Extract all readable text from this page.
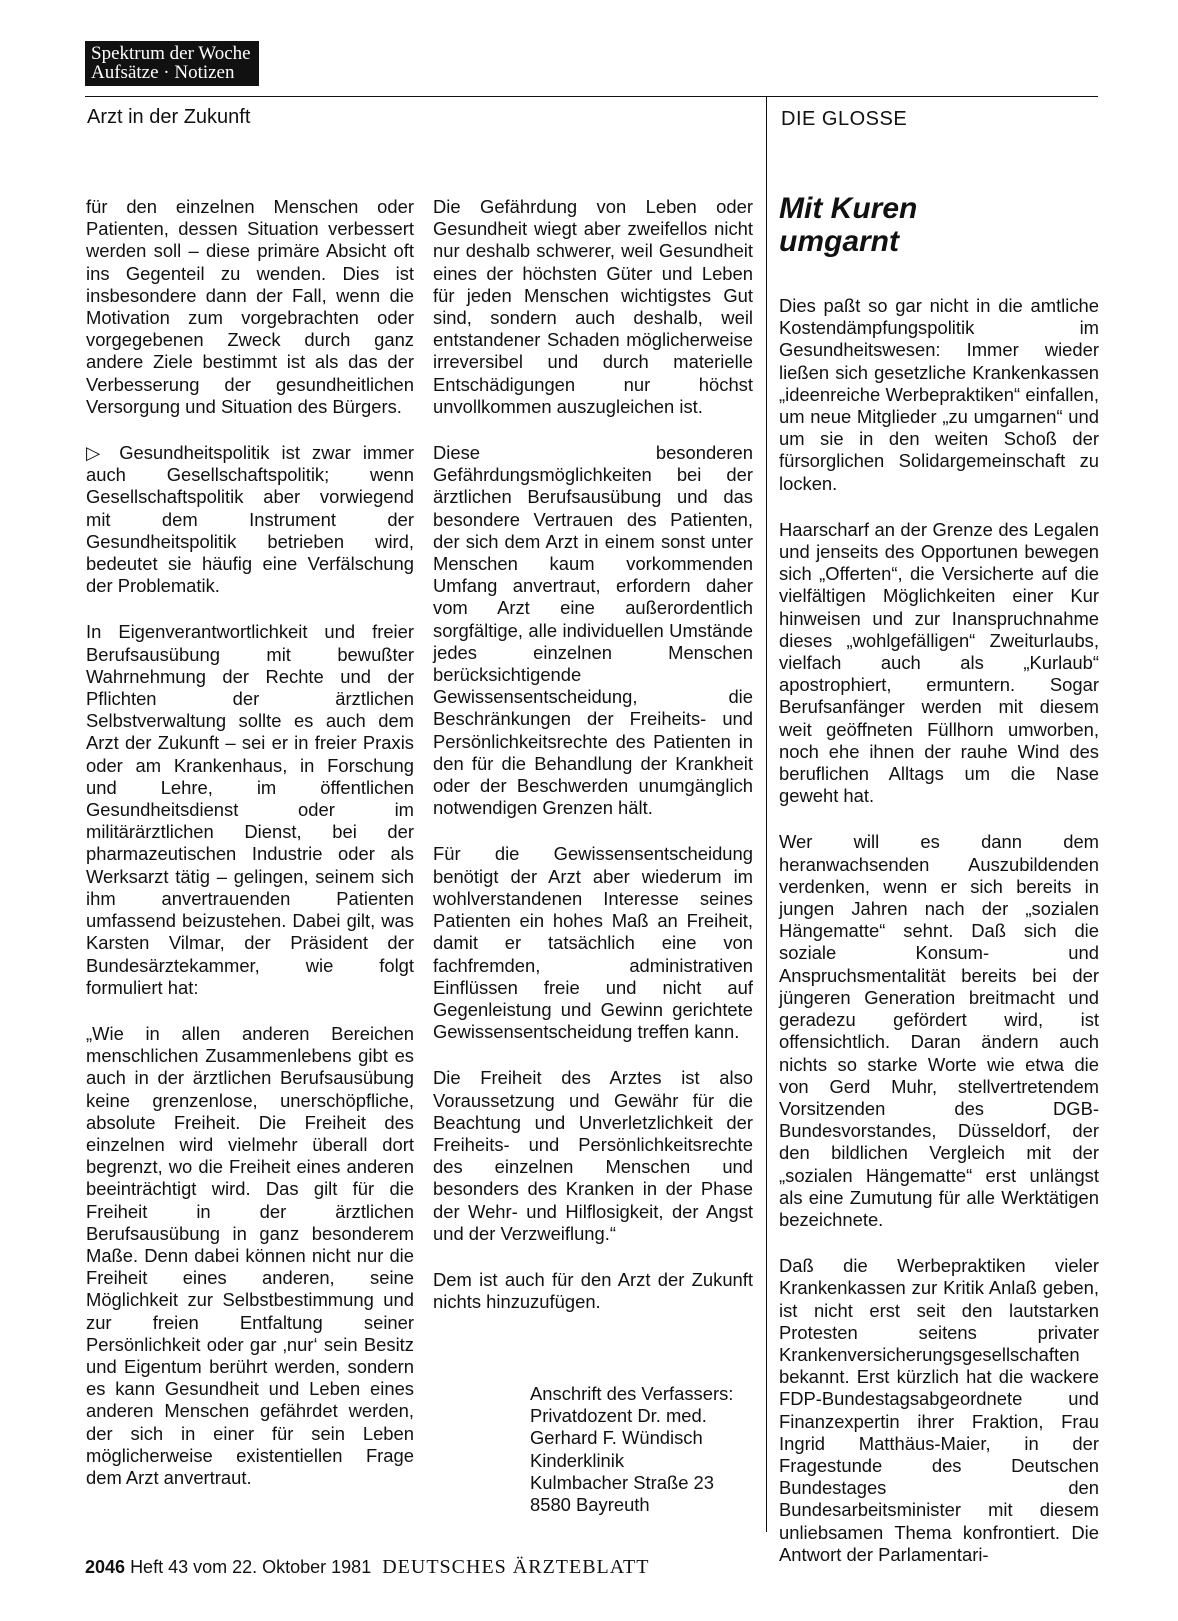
Spektrum der Woche
Aufsätze · Notizen
Arzt in der Zukunft	DIE GLOSSE

für den einzelnen Menschen oder Patienten, dessen Situation verbessert werden soll – diese primäre Absicht oft ins Gegenteil zu wenden. Dies ist insbesondere dann der Fall, wenn die Motivation zum vorgebrachten oder vorgegebenen Zweck durch ganz andere Ziele bestimmt ist als das der Verbesserung der gesundheitlichen Versorgung und Situation des Bürgers.

▷ Gesundheitspolitik ist zwar immer auch Gesellschaftspolitik; wenn Gesellschaftspolitik aber vorwiegend mit dem Instrument der Gesundheitspolitik betrieben wird, bedeutet sie häufig eine Verfälschung der Problematik.

In Eigenverantwortlichkeit und freier Berufsausübung mit bewußter Wahrnehmung der Rechte und der Pflichten der ärztlichen Selbstverwaltung sollte es auch dem Arzt der Zukunft – sei er in freier Praxis oder am Krankenhaus, in Forschung und Lehre, im öffentlichen Gesundheitsdienst oder im militärärztlichen Dienst, bei der pharmazeutischen Industrie oder als Werksarzt tätig – gelingen, seinem sich ihm anvertrauenden Patienten umfassend beizustehen. Dabei gilt, was Karsten Vilmar, der Präsident der Bundesärztekammer, wie folgt formuliert hat:

„Wie in allen anderen Bereichen menschlichen Zusammenlebens gibt es auch in der ärztlichen Berufsausübung keine grenzenlose, unerschöpfliche, absolute Freiheit. Die Freiheit des einzelnen wird vielmehr überall dort begrenzt, wo die Freiheit eines anderen beeinträchtigt wird. Das gilt für die Freiheit in der ärztlichen Berufsausübung in ganz besonderem Maße. Denn dabei können nicht nur die Freiheit eines anderen, seine Möglichkeit zur Selbstbestimmung und zur freien Entfaltung seiner Persönlichkeit oder gar ‚nur‘ sein Besitz und Eigentum berührt werden, sondern es kann Gesundheit und Leben eines anderen Menschen gefährdet werden, der sich in einer für sein Leben möglicherweise existentiellen Frage dem Arzt anvertraut.

Die Gefährdung von Leben oder Gesundheit wiegt aber zweifellos nicht nur deshalb schwerer, weil Gesundheit eines der höchsten Güter und Leben für jeden Menschen wichtigstes Gut sind, sondern auch deshalb, weil entstandener Schaden möglicherweise irreversibel und durch materielle Entschädigungen nur höchst unvollkommen auszugleichen ist.

Diese besonderen Gefährdungsmöglichkeiten bei der ärztlichen Berufsausübung und das besondere Vertrauen des Patienten, der sich dem Arzt in einem sonst unter Menschen kaum vorkommenden Umfang anvertraut, erfordern daher vom Arzt eine außerordentlich sorgfältige, alle individuellen Umstände jedes einzelnen Menschen berücksichtigende Gewissensentscheidung, die Beschränkungen der Freiheits- und Persönlichkeitsrechte des Patienten in den für die Behandlung der Krankheit oder der Beschwerden unumgänglich notwendigen Grenzen hält.

Für die Gewissensentscheidung benötigt der Arzt aber wiederum im wohlverstandenen Interesse seines Patienten ein hohes Maß an Freiheit, damit er tatsächlich eine von fachfremden, administrativen Einflüssen freie und nicht auf Gegenleistung und Gewinn gerichtete Gewissensentscheidung treffen kann.

Die Freiheit des Arztes ist also Voraussetzung und Gewähr für die Beachtung und Unverletzlichkeit der Freiheits- und Persönlichkeitsrechte des einzelnen Menschen und besonders des Kranken in der Phase der Wehr- und Hilflosigkeit, der Angst und der Verzweiflung.“

Dem ist auch für den Arzt der Zukunft nichts hinzuzufügen.

Anschrift des Verfassers:
Privatdozent Dr. med.
Gerhard F. Wündisch
Kinderklinik
Kulmbacher Straße 23
8580 Bayreuth
Mit Kuren
umgarnt

Dies paßt so gar nicht in die amtliche Kostendämpfungspolitik im Gesundheitswesen: Immer wieder ließen sich gesetzliche Krankenkassen „ideenreiche Werbepraktiken“ einfallen, um neue Mitglieder „zu umgarnen“ und um sie in den weiten Schoß der fürsorglichen Solidargemeinschaft zu locken.

Haarscharf an der Grenze des Legalen und jenseits des Opportunen bewegen sich „Offerten“, die Versicherte auf die vielfältigen Möglichkeiten einer Kur hinweisen und zur Inanspruchnahme dieses „wohlgefälligen“ Zweiturlaubs, vielfach auch als „Kurlaub“ apostrophiert, ermuntern. Sogar Berufsanfänger werden mit diesem weit geöffneten Füllhorn umworben, noch ehe ihnen der rauhe Wind des beruflichen Alltags um die Nase geweht hat.

Wer will es dann dem heranwachsenden Auszubildenden verdenken, wenn er sich bereits in jungen Jahren nach der „sozialen Hängematte“ sehnt. Daß sich die soziale Konsum- und Anspruchsmentalität bereits bei der jüngeren Generation breitmacht und geradezu gefördert wird, ist offensichtlich. Daran ändern auch nichts so starke Worte wie etwa die von Gerd Muhr, stellvertretendem Vorsitzenden des DGB-Bundesvorstandes, Düsseldorf, der den bildlichen Vergleich mit der „sozialen Hängematte“ erst unlängst als eine Zumutung für alle Werktätigen bezeichnete.

Daß die Werbepraktiken vieler Krankenkassen zur Kritik Anlaß geben, ist nicht erst seit den lautstarken Protesten seitens privater Krankenversicherungsgesellschaften bekannt. Erst kürzlich hat die wackere FDP-Bundestagsabgeordnete und Finanzexpertin ihrer Fraktion, Frau Ingrid Matthäus-Maier, in der Fragestunde des Deutschen Bundestages den Bundesarbeitsminister mit diesem unliebsamen Thema konfrontiert. Die Antwort der Parlamentari-

2046 Heft 43 vom 22. Oktober 1981 DEUTSCHES ÄRZTEBLATT
